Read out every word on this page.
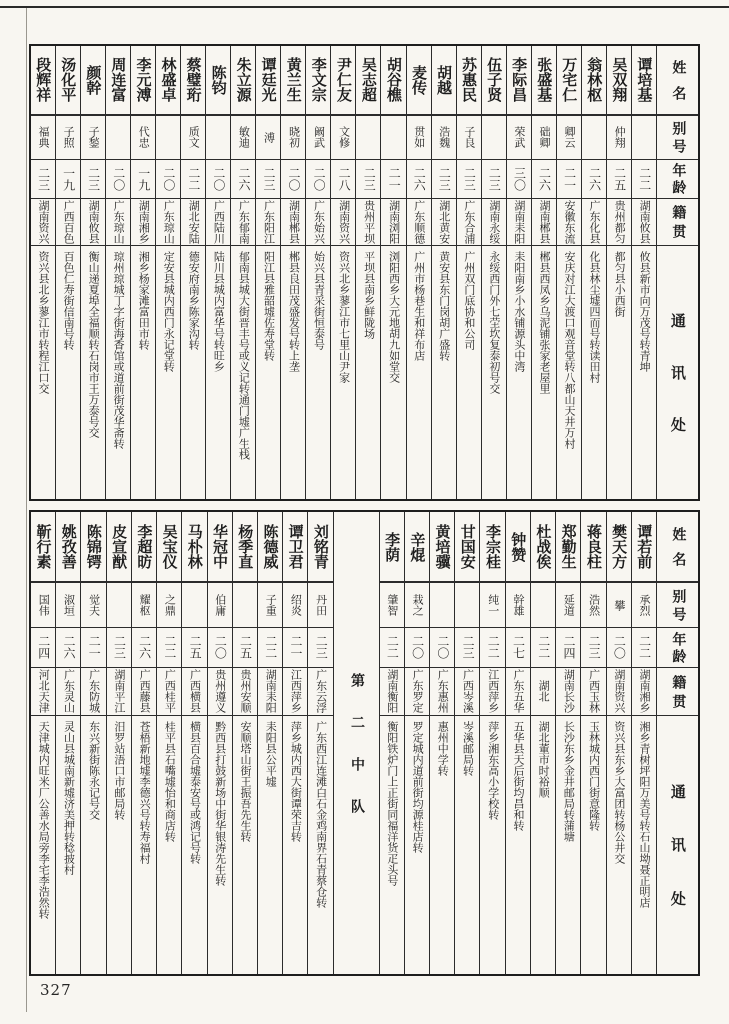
姓
名
别
号
年
龄
籍
贯
通
讯
处
谭
培
基
二
二
湖
南
攸
县
攸县新市向万茂号转青坤
吴
双
翔
仲
翔
二
五
贵
州
都
匀
都匀县小西街
翁
林
枢
二
六
广
东
化
县
化县林尘墟四而号转读田村
万
宅
仁
卿
云
二
一
安
徽
东
流
安庆对江大渡口观音堂转八都山天井万村
张
盛
基
础
卿
二
六
湖
南
郴
县
郴县西凤乡乌泥铺张家老屋里
李
际
昌
荣
武
三
〇
湖
南
耒
阳
耒阳南乡小水铺源头中湾
伍
子
贤
二
三
湖
南
永
绥
永绥西门外七茔坎复泰初号交
苏
惠
民
子
良
二
三
广
东
合
浦
广州双门底协和公司
胡
越
浩
魏
二
三
湖
北
黄
安
黄安县东门岗胡广盛转
麦
传
贯
如
二
六
广
东
顺
德
广州市杨巷生和祥布店
胡
谷
樵
二
一
湖
南
浏
阳
浏阳西乡大元地胡九如堂交
吴
志
超
二
三
贵
州
平
坝
平坝县南乡鲜陇场
尹
仁
友
文
修
二
八
湖
南
资
兴
资兴北乡蓼江市七里山尹家
李
文
宗
阚
武
二
〇
广
东
始
兴
始兴县青采街恒泰号
黄
兰
生
晓
初
二
〇
湖
南
郴
县
郴县良田茂盛发号转上垄
谭
廷
光
溥
二
三
广
东
阳
江
阳江县雅韶墟佐寿堂转
朱
立
源
敏
迪
二
六
广
东
郁
南
郁南县城大街晋丰号或义记转通门墟广生栈
陈
钧
二
〇
广
西
陆
川
陆川县城内富华号转旺乡
蔡
璧
珩
质
文
二
二
湖
北
安
陆
德安府南乡陈家沟转
林
盛
卓
二
〇
广
东
琼
山
定安县城内西门永记堂转
李
元
溥
代
忠
一
九
湖
南
湘
乡
湘乡杨家滩富田市转
周
连
富
二
〇
广
东
琼
山
琼州琼城丁字街海香馆或道前街茂华斋转
颜
幹
子
鍫
二
三
湖
南
攸
县
衡山递夏埠全福顺转石岗市王万泰号交
汤
化
平
子
照
一
九
广
西
百
色
百色仁寿街信南号转
段
辉
祥
福
典
二
三
湖
南
资
兴
资兴县北乡蓼江市转程江口交
姓
名
别
号
年
龄
籍
贯
通
讯
处
谭
若
前
承
烈
二
二
湖
南
湘
乡
湘乡青树坪阳万美号转石山坳聂正明店
樊
天
方
攀
二
〇
湖
南
资
兴
资兴县东乡大富团转杨公井交
蒋
良
柱
浩
然
二
三
广
西
玉
林
玉林城内西门街意隆转
郑
勤
生
延
道
二
四
湖
南
长
沙
长沙东乡金井邮局转蒲塘
杜
战
俟
二
二
湖
北
湖北董市时裕顺
钟
赞
幹
雄
二
七
广
东
五
华
五华县天后街均昌和转
李
宗
桂
纯
一
二
二
江
西
萍
乡
萍乡湘东高小学校转
甘
国
安
二
三
广
西
岑
溪
岑溪邮局转
黄
培
骥
二
〇
广
东
惠
州
惠州中学转
辛
焜
栽
之
二
〇
广
东
罗
定
罗定城内道前街均源桂店转
李
荫
肇
智
二
二
湖
南
衡
阳
衡阳铁炉门上正街同福洋货疋头号
第
二
中
队
刘
铭
青
丹
田
二
三
广
东
云
浮
广东西江连滩白石金鸡南界石青蔡仓转
谭
卫
君
绍
炎
二
一
江
西
萍
乡
萍乡城内西大街谭荣吉转
陈
德
威
子
重
二
二
湖
南
耒
阳
耒阳县公平墟
杨
季
直
二
五
贵
州
安
顺
安顺塔山街王振吾先生转
华
冠
中
伯
庸
二
〇
贵
州
遵
义
黔西县打鼓新场中街华银涛先生转
马
朴
林
二
五
广
西
横
县
横县百合墟泰安号或鸿记号转
吴
宝
仪
之
鼎
二
二
广
西
桂
平
桂平县石嘴墟怡和商店转
李
超
昉
耀
枢
二
六
广
西
藤
县
苍梧新地墟李德兴号转寿福村
皮
宣
猷
二
三
湖
南
平
江
汨罗站浯口市邮局转
陈
锦
锷
觉
夫
二
一
广
东
防
城
东兴新街陈永记号交
姚
孜
善
淑
垣
二
六
广
东
灵
山
灵山县城南新墟济美押转稔披村
靳
行
素
国
伟
二
四
河
北
天
津
天津城内旺米厂公善水局旁李宅李浩然转
327
